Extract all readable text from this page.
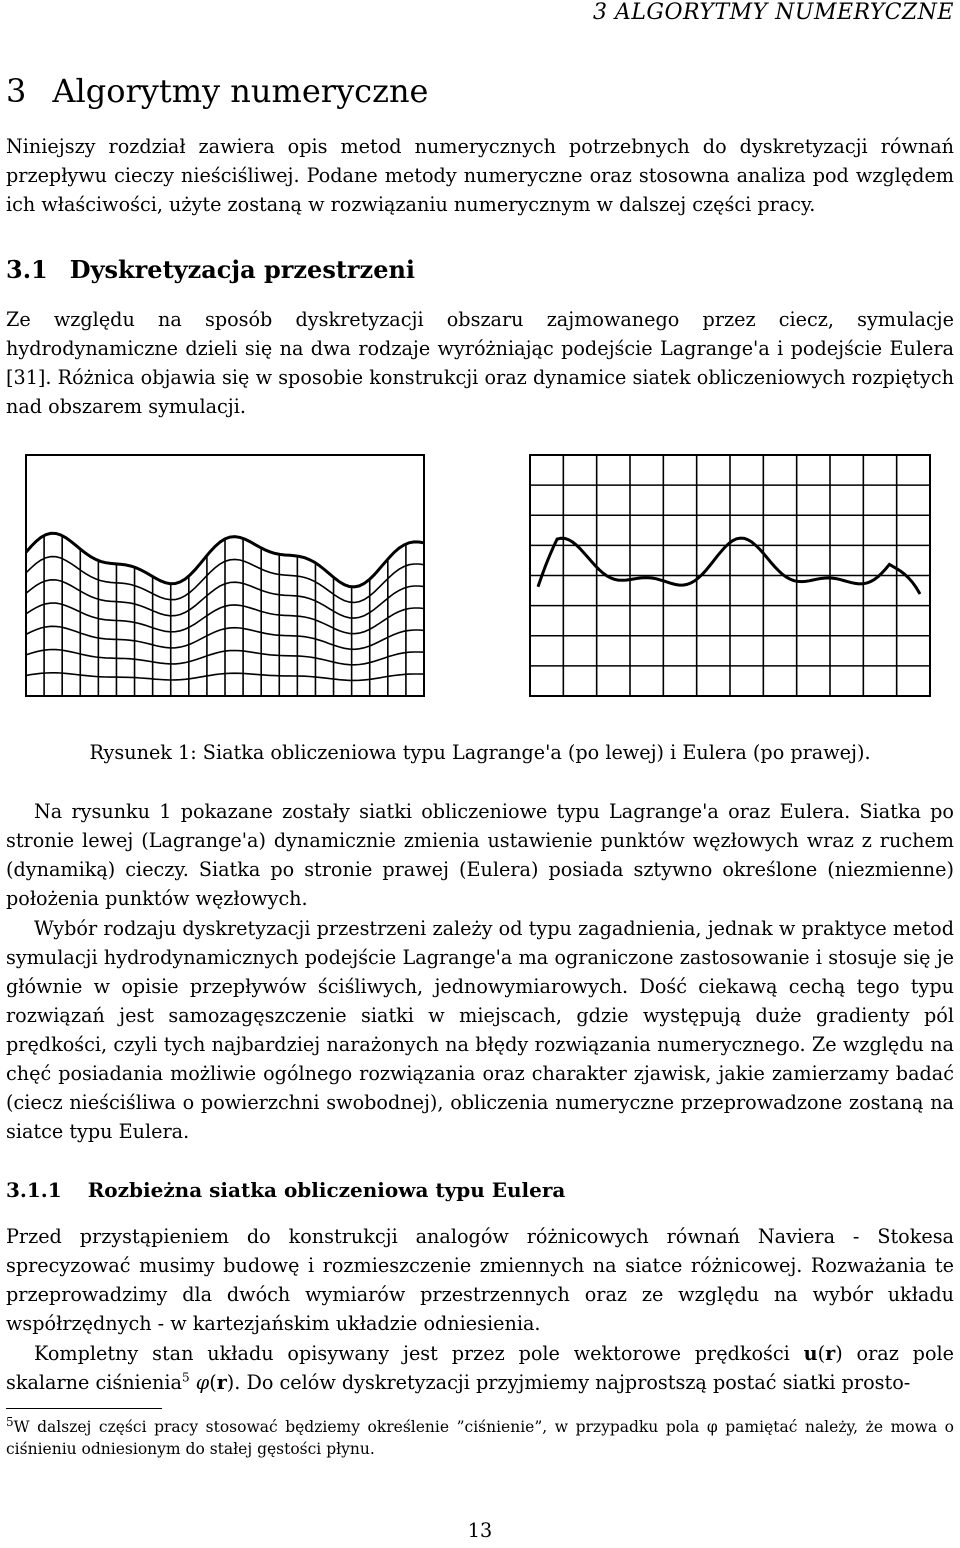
3 ALGORYTMY NUMERYCZNE
3 Algorytmy numeryczne

Niniejszy rozdział zawiera opis metod numerycznych potrzebnych do dyskretyzacji równań przepływu cieczy nieściśliwej. Podane metody numeryczne oraz stosowna analiza pod względem ich właściwości, użyte zostaną w rozwiązaniu numerycznym w dalszej części pracy.

3.1 Dyskretyzacja przestrzeni

Ze względu na sposób dyskretyzacji obszaru zajmowanego przez ciecz, symulacje hydrodynamiczne dzieli się na dwa rodzaje wyróżniając podejście Lagrange'a i podejście Eulera [31]. Różnica objawia się w sposobie konstrukcji oraz dynamice siatek obliczeniowych rozpiętych nad obszarem symulacji.

Rysunek 1: Siatka obliczeniowa typu Lagrange'a (po lewej) i Eulera (po prawej).

Na rysunku 1 pokazane zostały siatki obliczeniowe typu Lagrange'a oraz Eulera. Siatka po stronie lewej (Lagrange'a) dynamicznie zmienia ustawienie punktów węzłowych wraz z ruchem (dynamiką) cieczy. Siatka po stronie prawej (Eulera) posiada sztywno określone (niezmienne) położenia punktów węzłowych.

Wybór rodzaju dyskretyzacji przestrzeni zależy od typu zagadnienia, jednak w praktyce metod symulacji hydrodynamicznych podejście Lagrange'a ma ograniczone zastosowanie i stosuje się je głównie w opisie przepływów ściśliwych, jednowymiarowych. Dość ciekawą cechą tego typu rozwiązań jest samozagęszczenie siatki w miejscach, gdzie występują duże gradienty pól prędkości, czyli tych najbardziej narażonych na błędy rozwiązania numerycznego. Ze względu na chęć posiadania możliwie ogólnego rozwiązania oraz charakter zjawisk, jakie zamierzamy badać (ciecz nieściśliwa o powierzchni swobodnej), obliczenia numeryczne przeprowadzone zostaną na siatce typu Eulera.

3.1.1 Rozbieżna siatka obliczeniowa typu Eulera

Przed przystąpieniem do konstrukcji analogów różnicowych równań Naviera - Stokesa sprecyzować musimy budowę i rozmieszczenie zmiennych na siatce różnicowej. Rozważania te przeprowadzimy dla dwóch wymiarów przestrzennych oraz ze względu na wybór układu współrzędnych - w kartezjańskim układzie odniesienia.

Kompletny stan układu opisywany jest przez pole wektorowe prędkości u(r) oraz pole skalarne ciśnienia$^5$ φ(r). Do celów dyskretyzacji przyjmiemy najprostszą postać siatki prosto-

$^5$W dalszej części pracy stosować będziemy określenie ”ciśnienie”, w przypadku pola φ pamiętać należy, że mowa o ciśnieniu odniesionym do stałej gęstości płynu.

13
